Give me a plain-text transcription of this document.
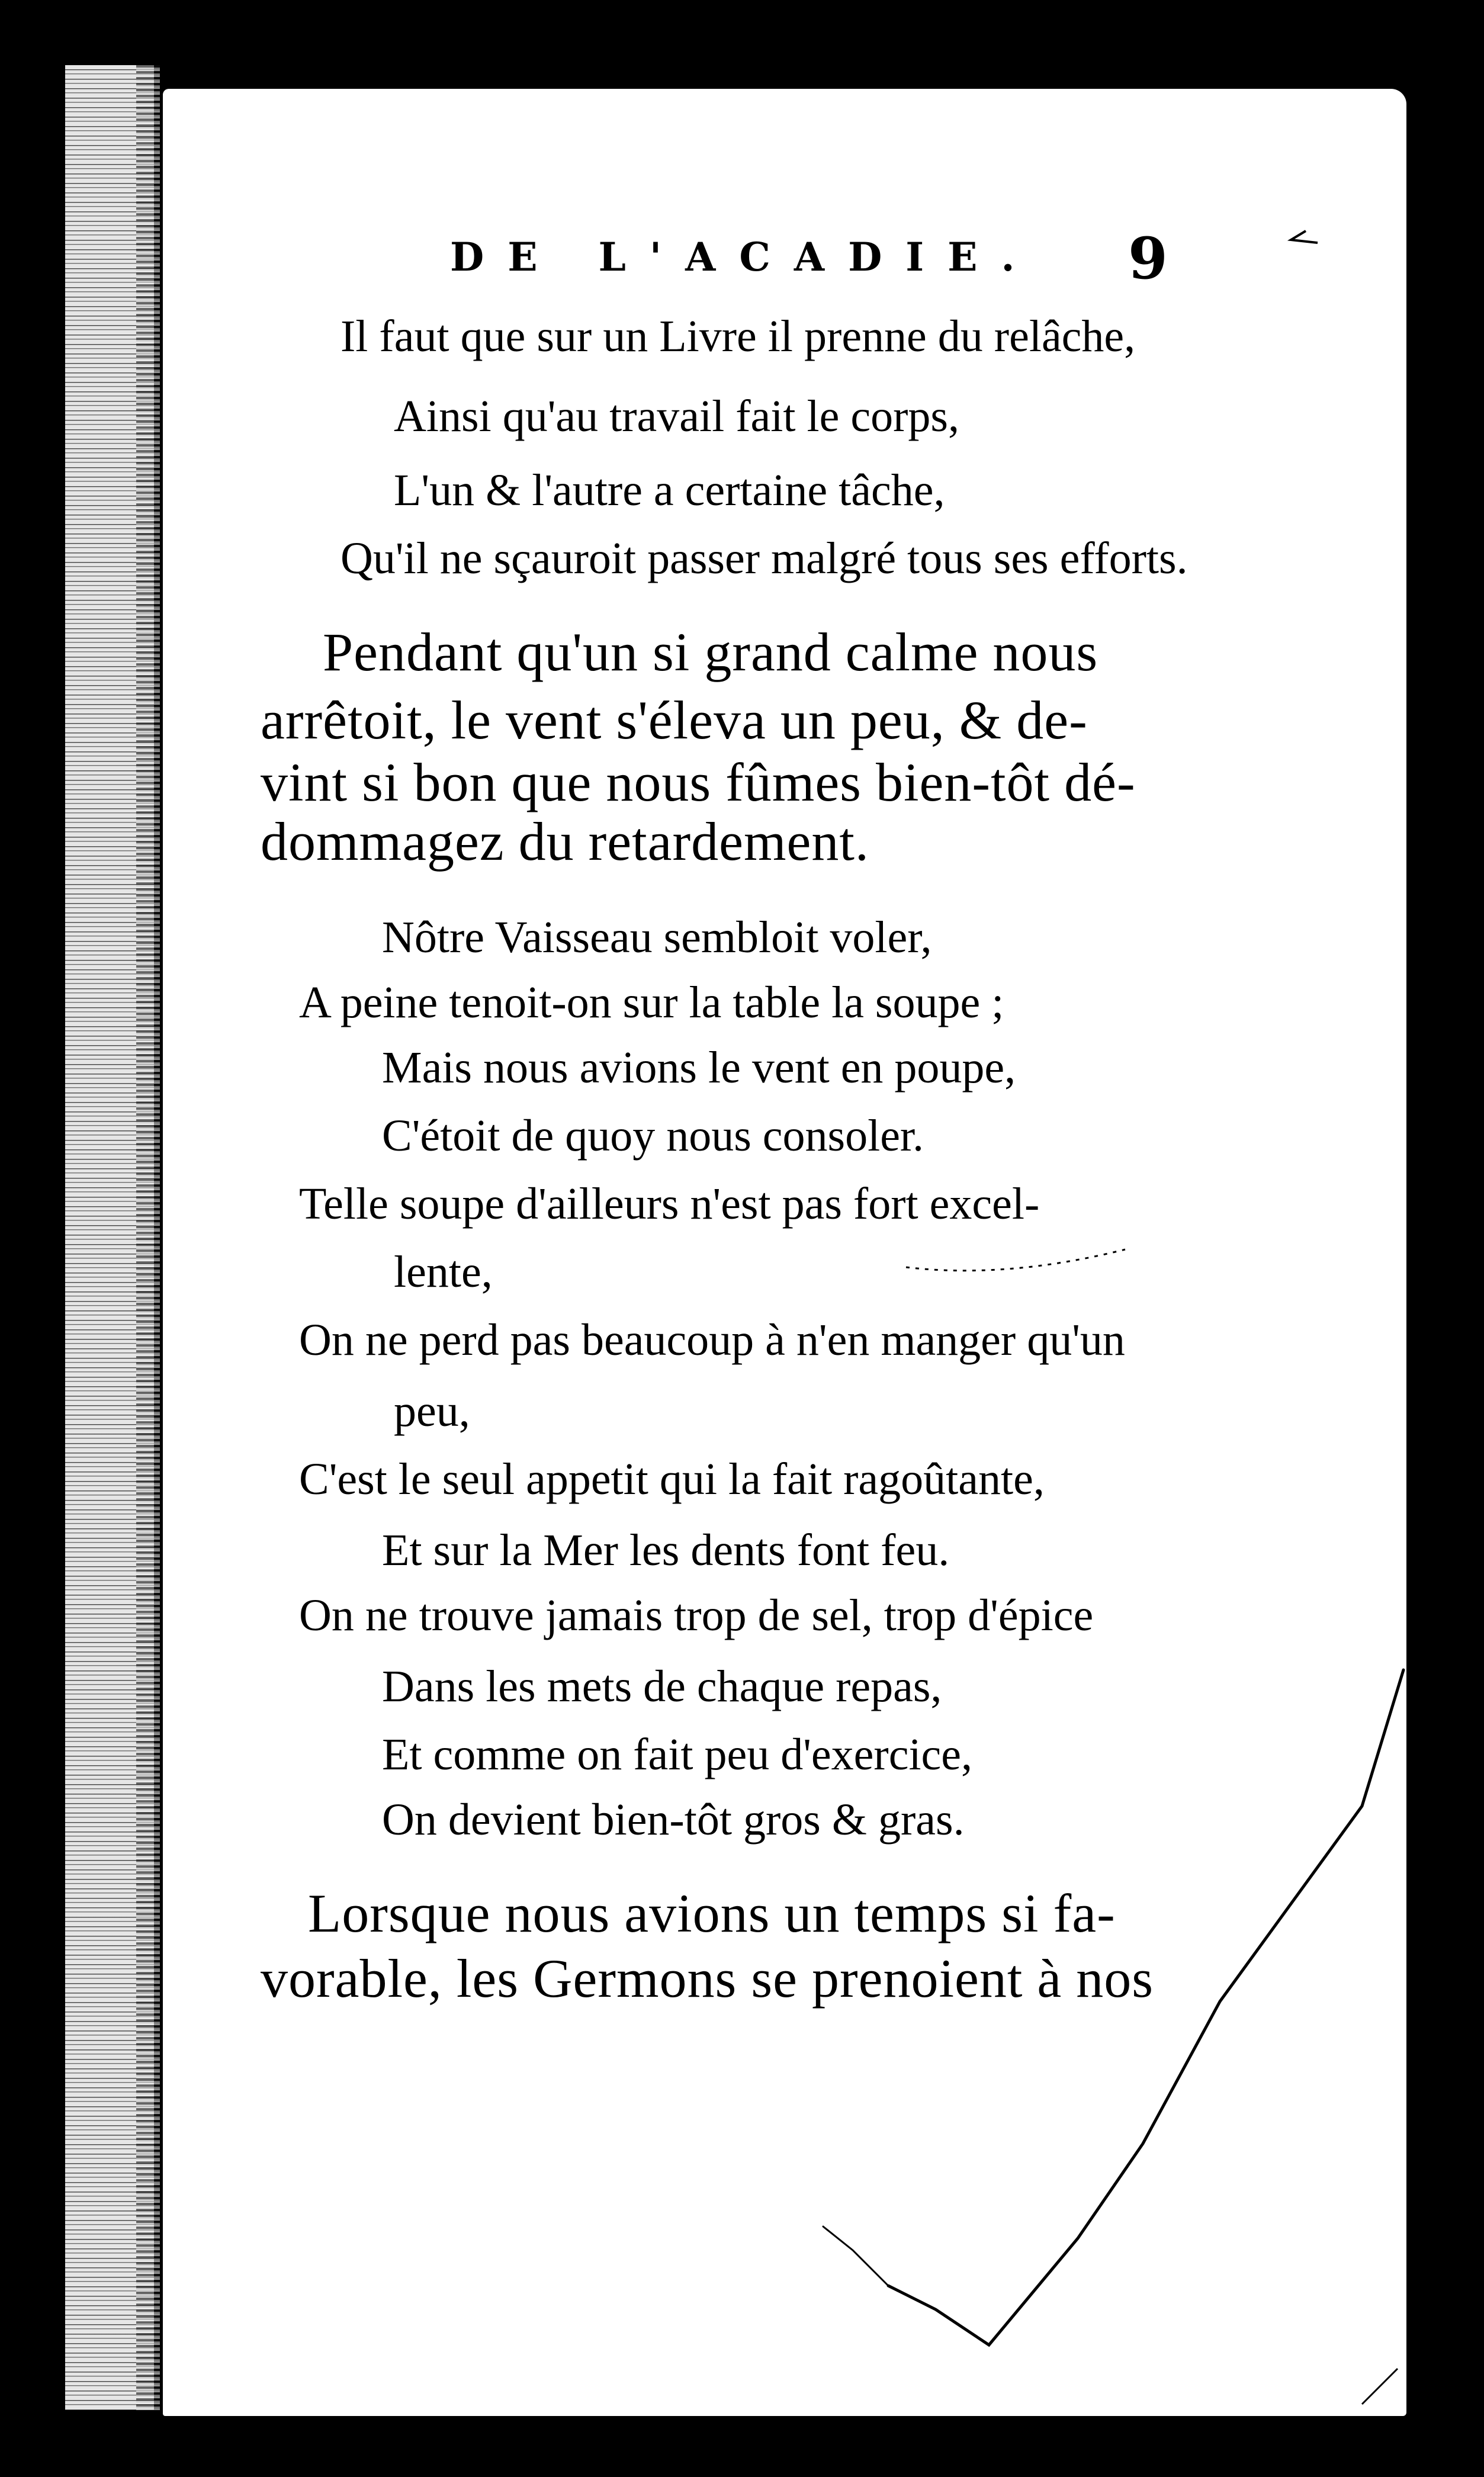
DE L'ACADIE. 9
Il faut que sur un Livre il prenne du relâche,
Ainsi qu'au travail fait le corps,
L'un & l'autre a certaine tâche,
Qu'il ne sçauroit passer malgré tous ses efforts.
Pendant qu'un si grand calme nous
arrêtoit, le vent s'éleva un peu, & de-
vint si bon que nous fûmes bien-tôt dé-
dommagez du retardement.
Nôtre Vaisseau sembloit voler,
A peine tenoit-on sur la table la soupe ;
Mais nous avions le vent en poupe,
C'étoit de quoy nous consoler.
Telle soupe d'ailleurs n'est pas fort excel-
lente,
On ne perd pas beaucoup à n'en manger qu'un
peu,
C'est le seul appetit qui la fait ragoûtante,
Et sur la Mer les dents font feu.
On ne trouve jamais trop de sel, trop d'épice
Dans les mets de chaque repas,
Et comme on fait peu d'exercice,
On devient bien-tôt gros & gras.
Lorsque nous avions un temps si fa-
vorable, les Germons se prenoient à nos
